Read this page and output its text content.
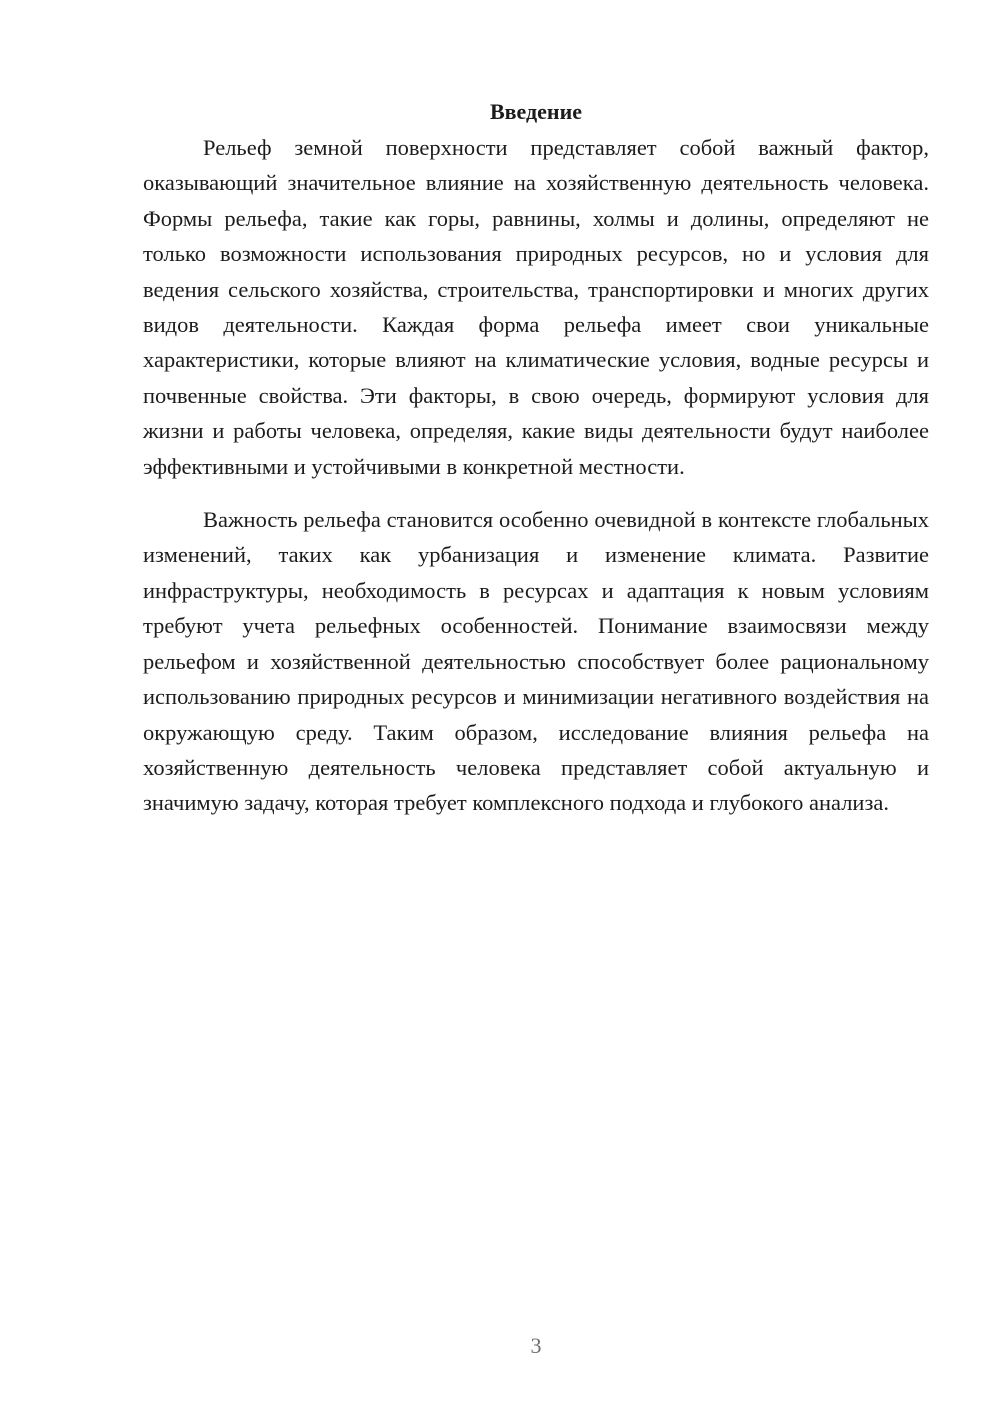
Введение

Рельеф земной поверхности представляет собой важный фактор, оказывающий значительное влияние на хозяйственную деятельность человека. Формы рельефа, такие как горы, равнины, холмы и долины, определяют не только возможности использования природных ресурсов, но и условия для ведения сельского хозяйства, строительства, транспортировки и многих других видов деятельности. Каждая форма рельефа имеет свои уникальные характеристики, которые влияют на климатические условия, водные ресурсы и почвенные свойства. Эти факторы, в свою очередь, формируют условия для жизни и работы человека, определяя, какие виды деятельности будут наиболее эффективными и устойчивыми в конкретной местности.

Важность рельефа становится особенно очевидной в контексте глобальных изменений, таких как урбанизация и изменение климата. Развитие инфраструктуры, необходимость в ресурсах и адаптация к новым условиям требуют учета рельефных особенностей. Понимание взаимосвязи между рельефом и хозяйственной деятельностью способствует более рациональному использованию природных ресурсов и минимизации негативного воздействия на окружающую среду. Таким образом, исследование влияния рельефа на хозяйственную деятельность человека представляет собой актуальную и значимую задачу, которая требует комплексного подхода и глубокого анализа.

3
